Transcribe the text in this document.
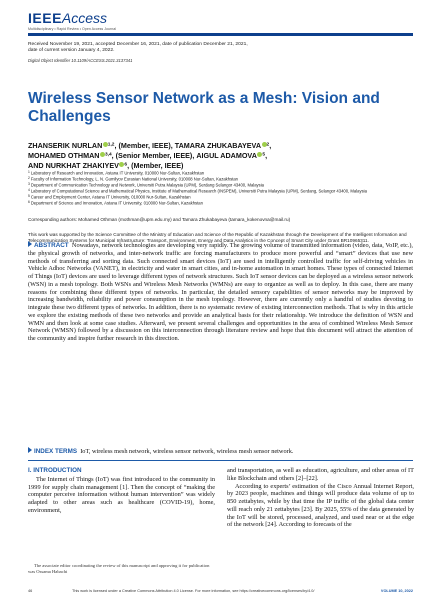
IEEEAccess
Multidisciplinary • Rapid Review • Open Access Journal
Received November 19, 2021, accepted December 16, 2021, date of publication December 21, 2021,
date of current version January 4, 2022.
Digital Object Identifier 10.1109/ACCESS.2021.3137341
Wireless Sensor Network as a Mesh: Vision and Challenges
ZHANSERIK NURLAN $^{1,2}$, (Member, IEEE), TAMARA ZHUKABAYEVA $^2$,
MOHAMED OTHMAN $^{3,4}$, (Senior Member, IEEE), AIGUL ADAMOVA $^5$,
AND NURKHAT ZHAKIYEV $^6$, (Member, IEEE)
$^1$Laboratory of Research and Innovation, Astana IT University, 010000 Nur-Sultan, Kazakhstan
$^2$Faculty of Information Technology, L. N. Gumilyov Eurasian National University, 010008 Nur-Sultan, Kazakhstan
$^3$Department of Communication Technology and Network, Universiti Putra Malaysia (UPM), Serdang Selangor 43400, Malaysia
$^4$Laboratory of Computational Science and Mathematical Physics, Institute of Mathematical Research (INSPEM), Universiti Putra Malaysia (UPM), Serdang, Selangor 43400, Malaysia
$^5$Career and Employment Center, Astana IT University, 010000 Nur-Sultan, Kazakhstan
$^6$Department of Science and Innovation, Astana IT University, 010000 Nur-Sultan, Kazakhstan
Corresponding authors: Mohamed Othman (mothman@upm.edu.my) and Tamara Zhukabayeva (tamara_kokenovna@mail.ru)
This work was supported by the Science Committee of the Ministry of Education and Science of the Republic of Kazakhstan through the Development of the Intelligent Information and Telecommunication Systems for Municipal Infrastructure: Transport, Environment, Energy and Data Analytics in the Concept of Smart City under Grant BR10965311.
ABSTRACT Nowadays, network technologies are developing very rapidly. The growing volume of transmitted information (video, data, VoIP, etc.), the physical growth of networks, and inter-network traffic are forcing manufacturers to produce more powerful and “smart” devices that use new methods of transferring and sorting data. Such connected smart devices (IoT) are used in intelligently controlled traffic for self-driving vehicles in Vehicle Adhoc Networks (VANET), in electricity and water in smart cities, and in-home automation in smart homes. These types of connected Internet of Things (IoT) devices are used to leverage different types of network structures. Such IoT sensor devices can be deployed as a wireless sensor network (WSN) in a mesh topology. Both WSNs and Wireless Mesh Networks (WMNs) are easy to organize as well as to deploy. In this case, there are many reasons for combining these different types of networks. In particular, the detailed sensory capabilities of sensor networks may be improved by increasing bandwidth, reliability and power consumption in the mesh topology. However, there are currently only a handful of studies devoting to integrate these two different types of networks. In addition, there is no systematic review of existing interconnection methods. That is why in this article we explore the existing methods of these two networks and provide an analytical basis for their relationship. We introduce the definition of WSN and WMN and then look at some case studies. Afterward, we present several challenges and opportunities in the area of combined Wireless Mesh Sensor Network (WMSN) followed by a discussion on this interconnection through literature review and hope that this document will attract the attention of the community and inspire further research in this direction.
INDEX TERMS IoT, wireless mesh network, wireless sensor network, wireless mesh sensor network.
I. INTRODUCTION

The Internet of Things (IoT) was first introduced to the community in 1999 for supply chain management [1]. Then the concept of “making the computer perceive information without human intervention” was widely adapted to other areas such as healthcare (COVID-19), home, environment,

and transportation, as well as education, agriculture, and other areas of IT like Blockchain and others [2]–[22].

According to experts’ estimation of the Cisco Annual Internet Report, by 2023 people, machines and things will produce data volume of up to 850 zettabytes, while by that time the IP traffic of the global data center will reach only 21 zettabytes [23]. By 2025, 55% of the data generated by the IoT will be stored, processed, analyzed, and used near or at the edge of the network [24]. According to forecasts of the

The associate editor coordinating the review of this manuscript and approving it for publication was Ossama Habachi

46	This work is licensed under a Creative Commons Attribution 4.0 License. For more information, see https://creativecommons.org/licenses/by/4.0/	VOLUME 10, 2022
